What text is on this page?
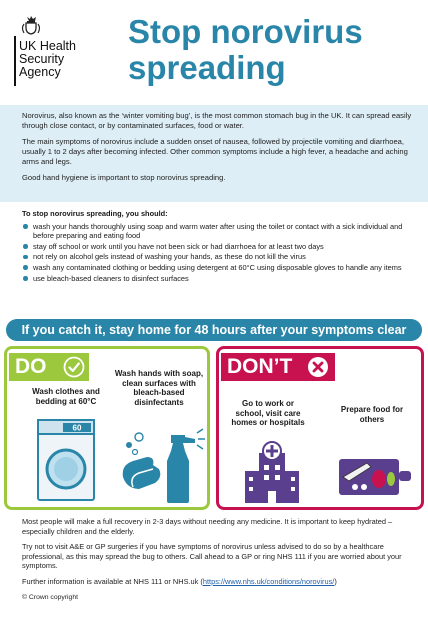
UK Health Security Agency
Stop norovirus spreading

Norovirus, also known as the ‘winter vomiting bug’, is the most common stomach bug in the UK. It can spread easily through close contact, or by contaminated surfaces, food or water.

The main symptoms of norovirus include a sudden onset of nausea, followed by projectile vomiting and diarrhoea, usually 1 to 2 days after becoming infected. Other common symptoms include a high fever, a headache and aching arms and legs.

Good hand hygiene is important to stop norovirus spreading.

To stop norovirus spreading, you should:
wash your hands thoroughly using soap and warm water after using the toilet or contact with a sick individual and before preparing and eating food
stay off school or work until you have not been sick or had diarrhoea for at least two days
not rely on alcohol gels instead of washing your hands, as these do not kill the virus
wash any contaminated clothing or bedding using detergent at 60°C using disposable gloves to handle any items
use bleach-based cleaners to disinfect surfaces
If you catch it, stay home for 48 hours after your symptoms clear
DO
Wash clothes and bedding at 60°C
Wash hands with soap, clean surfaces with bleach-based disinfectants
60
DON’T
Go to work or school, visit care homes or hospitals
Prepare food for others

Most people will make a full recovery in 2-3 days without needing any medicine. It is important to keep hydrated – especially children and the elderly.

Try not to visit A&E or GP surgeries if you have symptoms of norovirus unless advised to do so by a healthcare professional, as this may spread the bug to others. Call ahead to a GP or ring NHS 111 if you are worried about your symptoms.

Further information is available at NHS 111 or NHS.uk (https://www.nhs.uk/conditions/norovirus/)

© Crown copyright
